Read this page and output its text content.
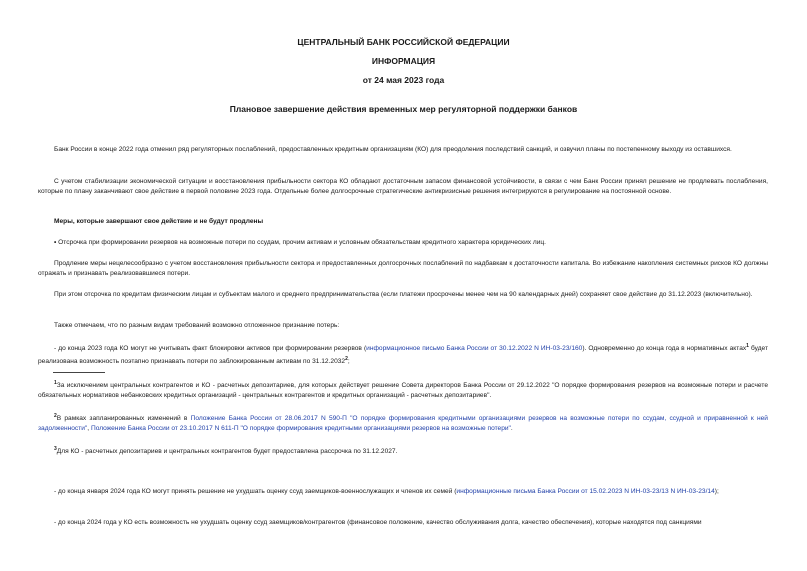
ЦЕНТРАЛЬНЫЙ БАНК РОССИЙСКОЙ ФЕДЕРАЦИИ
ИНФОРМАЦИЯ
от 24 мая 2023 года
Плановое завершение действия временных мер регуляторной поддержки банков
Банк России в конце 2022 года отменил ряд регуляторных послаблений, предоставленных кредитным организациям (КО) для преодоления последствий санкций, и озвучил планы по постепенному выходу из оставшихся.
С учетом стабилизации экономической ситуации и восстановления прибыльности сектора КО обладают достаточным запасом финансовой устойчивости, в связи с чем Банк России принял решение не продлевать послабления, которые по плану заканчивают свое действие в первой половине 2023 года. Отдельные более долгосрочные стратегические антикризисные решения интегрируются в регулирование на постоянной основе.
Меры, которые завершают свое действие и не будут продлены
• Отсрочка при формировании резервов на возможные потери по ссудам, прочим активам и условным обязательствам кредитного характера юридических лиц.
Продление меры нецелесообразно с учетом восстановления прибыльности сектора и предоставленных долгосрочных послаблений по надбавкам к достаточности капитала. Во избежание накопления системных рисков КО должны отражать и признавать реализовавшиеся потери.
При этом отсрочка по кредитам физическим лицам и субъектам малого и среднего предпринимательства (если платежи просрочены менее чем на 90 календарных дней) сохраняет свое действие до 31.12.2023 (включительно).
Также отмечаем, что по разным видам требований возможно отложенное признание потерь:
- до конца 2023 года КО могут не учитывать факт блокировки активов при формировании резервов (информационное письмо Банка России от 30.12.2022 N ИН-03-23/160). Одновременно до конца года в нормативных актах$^1$ будет реализована возможность поэтапно признавать потери по заблокированным активам по 31.12.2032$^2$;
$^1$За исключением центральных контрагентов и КО - расчетных депозитариев, для которых действует решение Совета директоров Банка России от 29.12.2022 "О порядке формирования резервов на возможные потери и расчете обязательных нормативов небанковских кредитных организаций - центральных контрагентов и кредитных организаций - расчетных депозитариев".
$^2$В рамках запланированных изменений в Положение Банка России от 28.06.2017 N 590-П "О порядке формирования кредитными организациями резервов на возможные потери по ссудам, ссудной и приравненной к ней задолженности", Положение Банка России от 23.10.2017 N 611-П "О порядке формирования кредитными организациями резервов на возможные потери".
$^3$Для КО - расчетных депозитариев и центральных контрагентов будет предоставлена рассрочка по 31.12.2027.
- до конца января 2024 года КО могут принять решение не ухудшать оценку ссуд заемщиков-военнослужащих и членов их семей (информационные письма Банка России от 15.02.2023 N ИН-03-23/13 N ИН-03-23/14);
- до конца 2024 года у КО есть возможность не ухудшать оценку ссуд заемщиков/контрагентов (финансовое положение, качество обслуживания долга, качество обеспечения), которые находятся под санкциями
